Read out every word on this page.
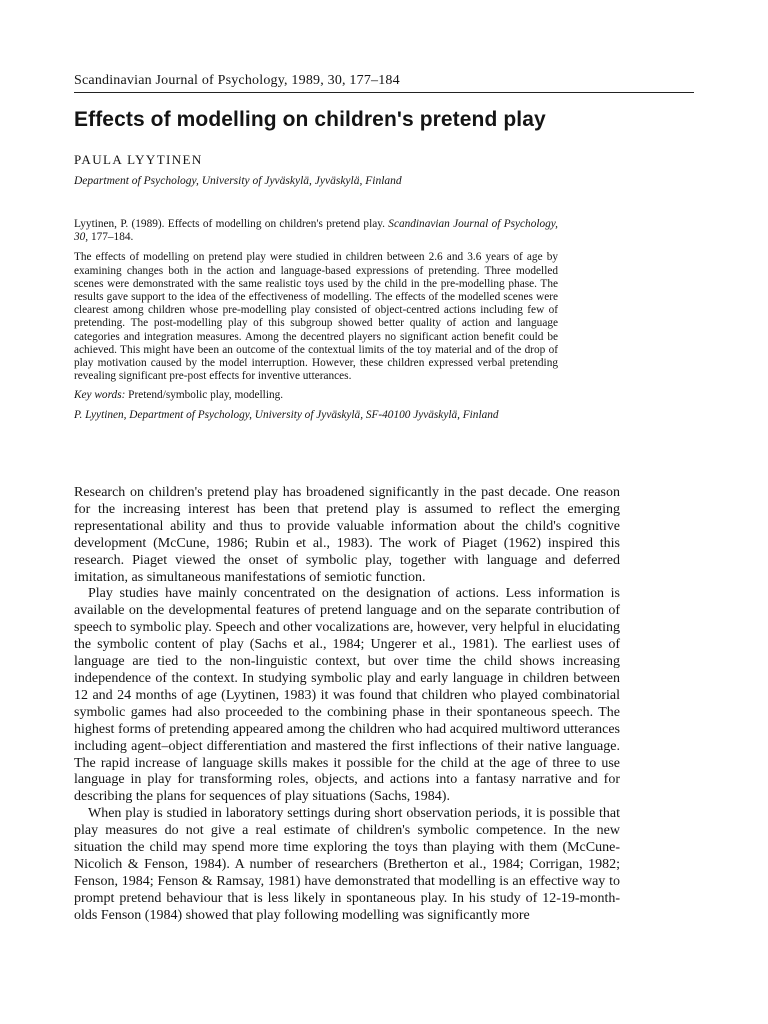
Scandinavian Journal of Psychology, 1989, 30, 177–184
Effects of modelling on children's pretend play
PAULA LYYTINEN
Department of Psychology, University of Jyväskylä, Jyväskylä, Finland

Lyytinen, P. (1989). Effects of modelling on children's pretend play. Scandinavian Journal of Psychology, 30, 177–184.

The effects of modelling on pretend play were studied in children between 2.6 and 3.6 years of age by examining changes both in the action and language-based expressions of pretending. Three modelled scenes were demonstrated with the same realistic toys used by the child in the pre-modelling phase. The results gave support to the idea of the effectiveness of modelling. The effects of the modelled scenes were clearest among children whose pre-modelling play consisted of object-centred actions including few of pretending. The post-modelling play of this subgroup showed better quality of action and language categories and integration measures. Among the decentred players no significant action benefit could be achieved. This might have been an outcome of the contextual limits of the toy material and of the drop of play motivation caused by the model interruption. However, these children expressed verbal pretending revealing significant pre-post effects for inventive utterances.

Key words: Pretend/symbolic play, modelling.

P. Lyytinen, Department of Psychology, University of Jyväskylä, SF-40100 Jyväskylä, Finland

Research on children's pretend play has broadened significantly in the past decade. One reason for the increasing interest has been that pretend play is assumed to reflect the emerging representational ability and thus to provide valuable information about the child's cognitive development (McCune, 1986; Rubin et al., 1983). The work of Piaget (1962) inspired this research. Piaget viewed the onset of symbolic play, together with language and deferred imitation, as simultaneous manifestations of semiotic function.

Play studies have mainly concentrated on the designation of actions. Less information is available on the developmental features of pretend language and on the separate contribution of speech to symbolic play. Speech and other vocalizations are, however, very helpful in elucidating the symbolic content of play (Sachs et al., 1984; Ungerer et al., 1981). The earliest uses of language are tied to the non-linguistic context, but over time the child shows increasing independence of the context. In studying symbolic play and early language in children between 12 and 24 months of age (Lyytinen, 1983) it was found that children who played combinatorial symbolic games had also proceeded to the combining phase in their spontaneous speech. The highest forms of pretending appeared among the children who had acquired multiword utterances including agent–object differentiation and mastered the first inflections of their native language. The rapid increase of language skills makes it possible for the child at the age of three to use language in play for transforming roles, objects, and actions into a fantasy narrative and for describing the plans for sequences of play situations (Sachs, 1984).

When play is studied in laboratory settings during short observation periods, it is possible that play measures do not give a real estimate of children's symbolic competence. In the new situation the child may spend more time exploring the toys than playing with them (McCune-Nicolich & Fenson, 1984). A number of researchers (Bretherton et al., 1984; Corrigan, 1982; Fenson, 1984; Fenson & Ramsay, 1981) have demonstrated that modelling is an effective way to prompt pretend behaviour that is less likely in spontaneous play. In his study of 12-19-month-olds Fenson (1984) showed that play following modelling was significantly more
